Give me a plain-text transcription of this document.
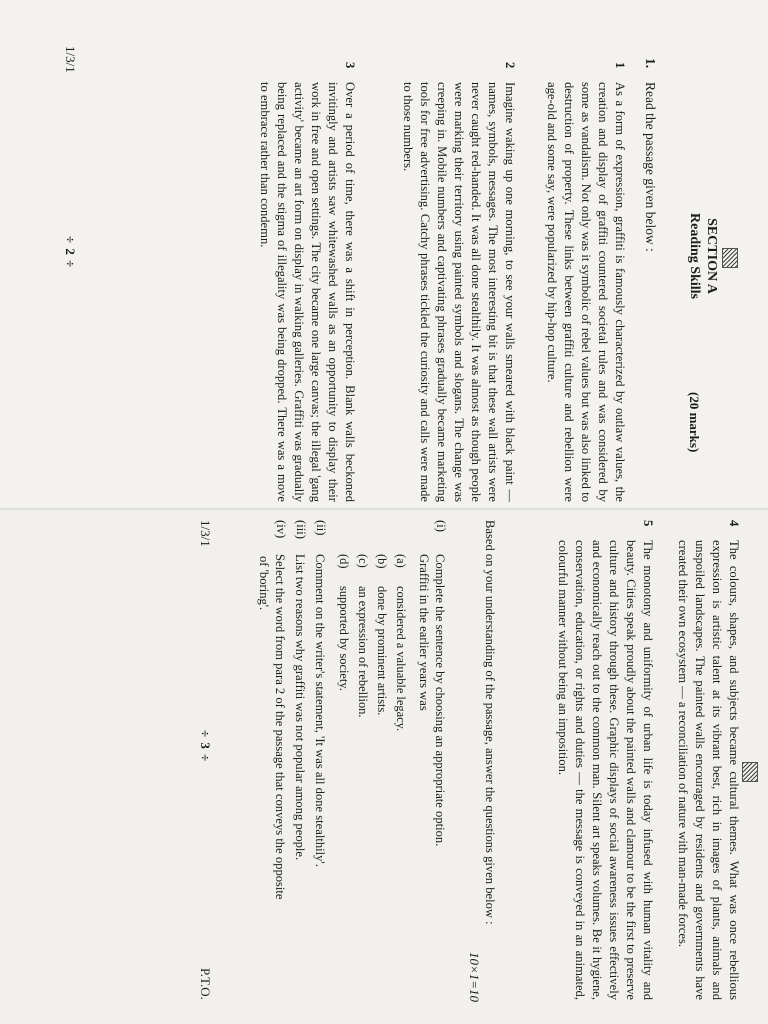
SECTION A
Reading Skills
(20 marks)
1.
Read the passage given below :
1
As a form of expression, graffiti is famously characterized by outlaw values, the creation and display of graffiti countered societal rules and was considered by some as vandalism. Not only was it symbolic of rebel values but was also linked to destruction of property. These links between graffiti culture and rebellion were age-old and some say, were popularized by hip-hop culture.
2
Imagine waking up one morning, to see your walls smeared with black paint — names, symbols, messages. The most interesting bit is that these wall artists were never caught red-handed. It was all done stealthily. It was almost as though people were marking their territory using painted symbols and slogans. The change was creeping in. Mobile numbers and captivating phrases gradually became marketing tools for free advertising. Catchy phrases tickled the curiosity and calls were made to those numbers.
3
Over a period of time, there was a shift in perception. Blank walls beckoned invitingly and artists saw whitewashed walls as an opportunity to display their work in free and open settings. The city became one large canvas; the illegal 'gang activity' became an art form on display in walking galleries. Graffiti was gradually being replaced and the stigma of illegality was being dropped. There was a move to embrace rather than condemn.
1/3/1
÷ 2 ÷
4
The colours, shapes, and subjects became cultural themes. What was once rebellious expression is artistic talent at its vibrant best, rich in images of plants, animals and unspoiled landscapes. The painted walls encouraged by residents and governments have created their own ecosystem — a reconciliation of nature with man-made forces.
5
The monotony and uniformity of urban life is today infused with human vitality and beauty. Cities speak proudly about the painted walls and clamour to be the first to preserve culture and history through these. Graphic displays of social awareness issues effectively and economically reach out to the common man. Silent art speaks volumes. Be it hygiene, conservation, education, or rights and duties — the message is conveyed in an animated, colourful manner without being an imposition.
Based on your understanding of the passage, answer the questions given below :
10×1=10
(i)
Complete the sentence by choosing an appropriate option.
Graffiti in the earlier years was
(a)
considered a valuable legacy.
(b)
done by prominent artists.
(c)
an expression of rebellion.
(d)
supported by society.
(ii)
Comment on the writer's statement, 'It was all done stealthily'.
(iii)
List two reasons why graffiti was not popular among people.
(iv)
Select the word from para 2 of the passage that conveys the opposite
of 'boring'.
1/3/1
÷ 3 ÷
P.T.O.
